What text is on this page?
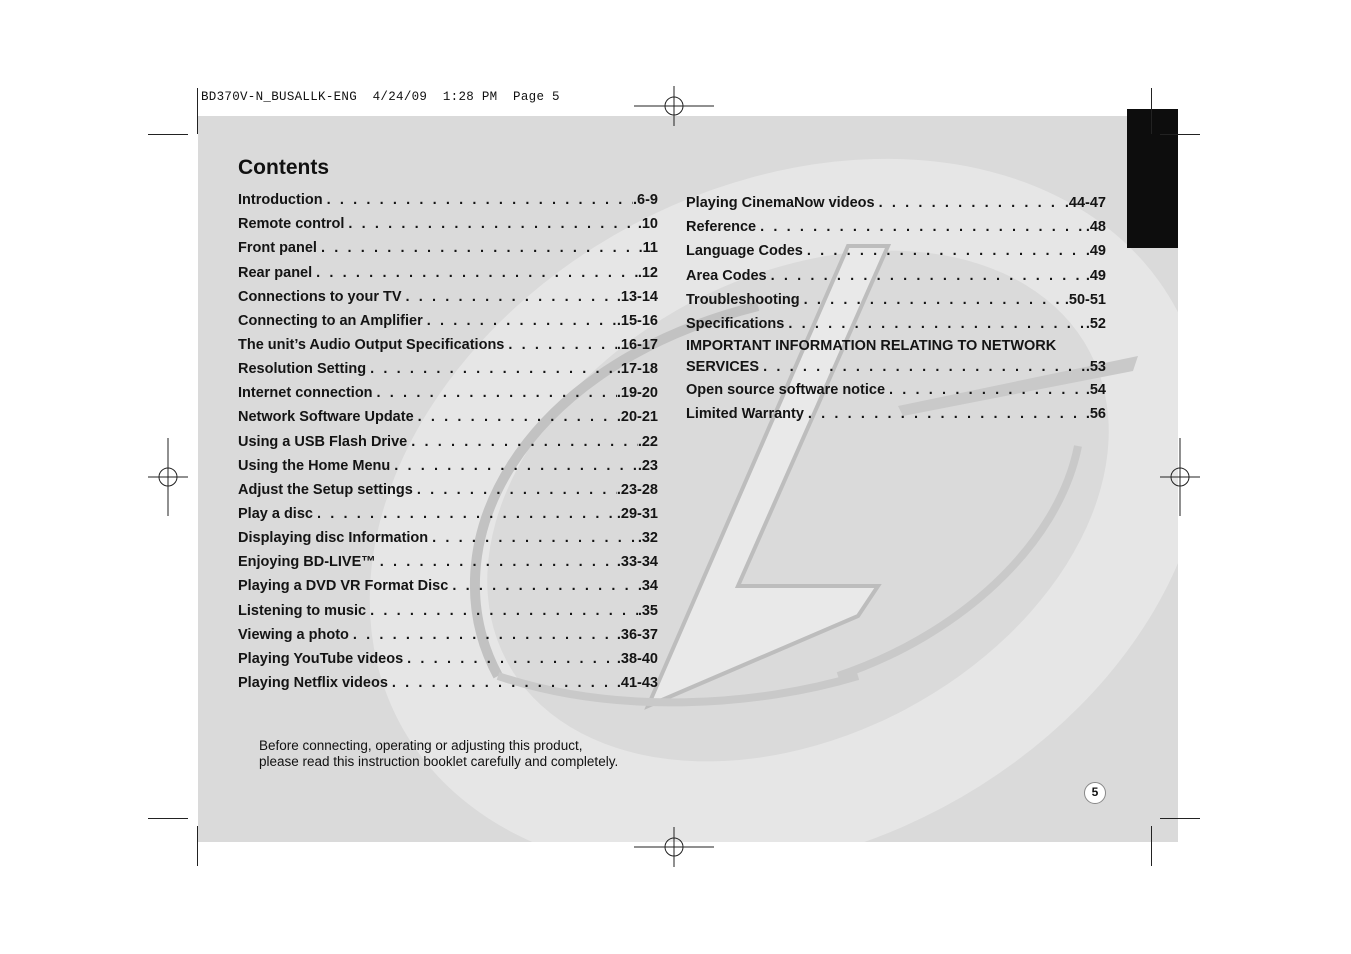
BD370V-N_BUSALLK-ENG  4/24/09  1:28 PM  Page 5
Contents
Introduction . . .	.6-9
Remote control . . .	.10
Front panel . . .	.11
Rear panel . . .	.12
Connections to your TV . . .	.13-14
Connecting to an Amplifier . . .	.15-16
The unit’s Audio Output Specifications . . .	.16-17
Resolution Setting . . .	.17-18
Internet connection . . .	.19-20
Network Software Update . . .	.20-21
Using a USB Flash Drive . . .	.22
Using the Home Menu . . .	.23
Adjust the Setup settings . . .	.23-28
Play a disc . . .	.29-31
Displaying disc Information . . .	.32
Enjoying BD-LIVE™ . . .	.33-34
Playing a DVD VR Format Disc . . .	.34
Listening to music . . .	.35
Viewing a photo . . .	.36-37
Playing YouTube videos . . .	.38-40
Playing Netflix videos . . .	.41-43
Playing CinemaNow videos . . .	.44-47
Reference . . .	.48
Language Codes . . .	.49
Area Codes . . .	.49
Troubleshooting . . .	.50-51
Specifications . . .	.52
IMPORTANT INFORMATION RELATING TO NETWORK
SERVICES . . .	.53
Open source software notice . . .	.54
Limited Warranty . . .	.56
Before connecting, operating or adjusting this product,
please read this instruction booklet carefully and completely.
5
